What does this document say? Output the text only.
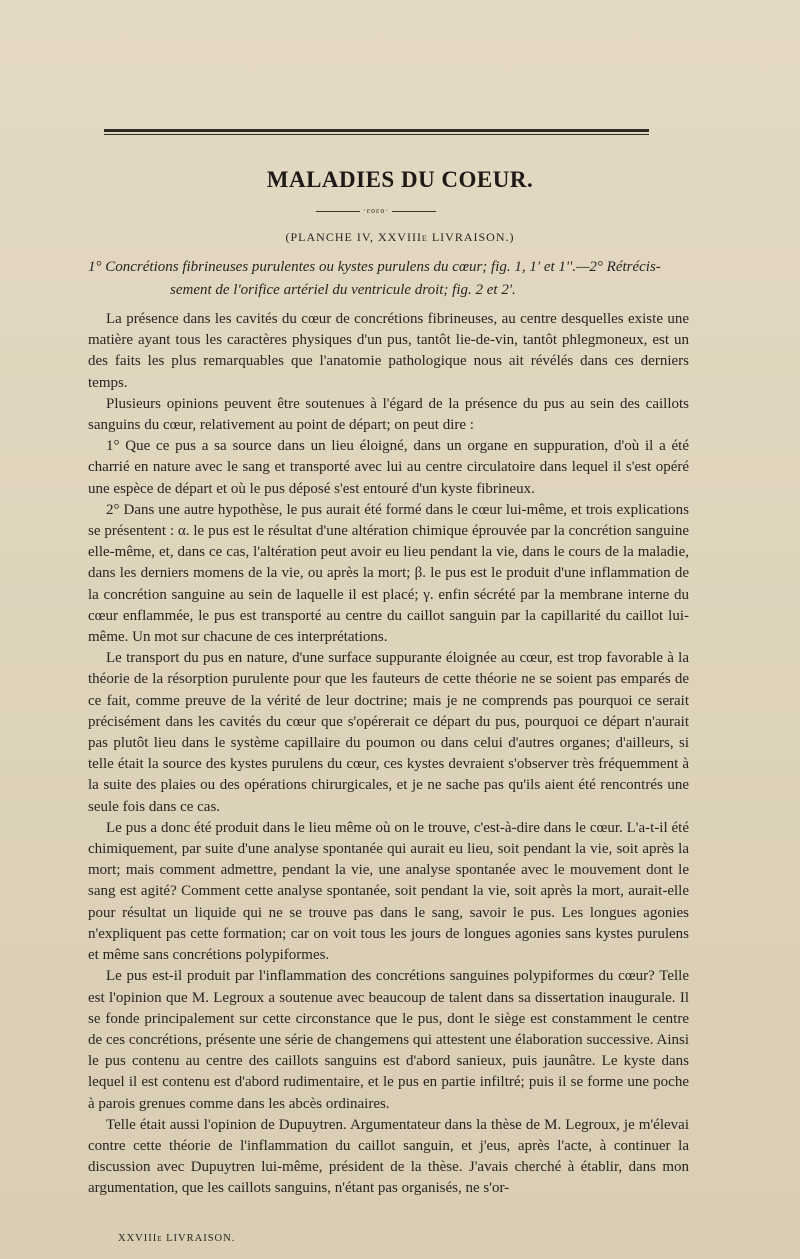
MALADIES DU COEUR.
·ɛoɛo·
(PLANCHE IV, XXVIIIe LIVRAISON.)
1° Concrétions fibrineuses purulentes ou kystes purulens du cœur; fig. 1, 1' et 1''.—2° Rétrécis-
sement de l'orifice artériel du ventricule droit; fig. 2 et 2'.

La présence dans les cavités du cœur de concrétions fibrineuses, au centre desquelles existe une matière ayant tous les caractères physiques d'un pus, tantôt lie-de-vin, tantôt phlegmoneux, est un des faits les plus remarquables que l'anatomie pathologique nous ait révélés dans ces derniers temps.

Plusieurs opinions peuvent être soutenues à l'égard de la présence du pus au sein des caillots sanguins du cœur, relativement au point de départ; on peut dire :

1° Que ce pus a sa source dans un lieu éloigné, dans un organe en suppuration, d'où il a été charrié en nature avec le sang et transporté avec lui au centre circulatoire dans lequel il s'est opéré une espèce de départ et où le pus déposé s'est entouré d'un kyste fibrineux.

2° Dans une autre hypothèse, le pus aurait été formé dans le cœur lui-même, et trois explications se présentent : α. le pus est le résultat d'une altération chimique éprouvée par la concrétion sanguine elle-même, et, dans ce cas, l'altération peut avoir eu lieu pendant la vie, dans le cours de la maladie, dans les derniers momens de la vie, ou après la mort; β. le pus est le produit d'une inflammation de la concrétion sanguine au sein de laquelle il est placé; γ. enfin sécrété par la membrane interne du cœur enflammée, le pus est transporté au centre du caillot sanguin par la capillarité du caillot lui-même. Un mot sur chacune de ces interprétations.

Le transport du pus en nature, d'une surface suppurante éloignée au cœur, est trop favorable à la théorie de la résorption purulente pour que les fauteurs de cette théorie ne se soient pas emparés de ce fait, comme preuve de la vérité de leur doctrine; mais je ne comprends pas pourquoi ce serait précisément dans les cavités du cœur que s'opérerait ce départ du pus, pourquoi ce départ n'aurait pas plutôt lieu dans le système capillaire du poumon ou dans celui d'autres organes; d'ailleurs, si telle était la source des kystes purulens du cœur, ces kystes devraient s'observer très fréquemment à la suite des plaies ou des opérations chirurgicales, et je ne sache pas qu'ils aient été rencontrés une seule fois dans ce cas.

Le pus a donc été produit dans le lieu même où on le trouve, c'est-à-dire dans le cœur. L'a-t-il été chimiquement, par suite d'une analyse spontanée qui aurait eu lieu, soit pendant la vie, soit après la mort; mais comment admettre, pendant la vie, une analyse spontanée avec le mouvement dont le sang est agité? Comment cette analyse spontanée, soit pendant la vie, soit après la mort, aurait-elle pour résultat un liquide qui ne se trouve pas dans le sang, savoir le pus. Les longues agonies n'expliquent pas cette formation; car on voit tous les jours de longues agonies sans kystes purulens et même sans concrétions polypiformes.

Le pus est-il produit par l'inflammation des concrétions sanguines polypiformes du cœur? Telle est l'opinion que M. Legroux a soutenue avec beaucoup de talent dans sa dissertation inaugurale. Il se fonde principalement sur cette circonstance que le pus, dont le siège est constamment le centre de ces concrétions, présente une série de changemens qui attestent une élaboration successive. Ainsi le pus contenu au centre des caillots sanguins est d'abord sanieux, puis jaunâtre. Le kyste dans lequel il est contenu est d'abord rudimentaire, et le pus en partie infiltré; puis il se forme une poche à parois grenues comme dans les abcès ordinaires.

Telle était aussi l'opinion de Dupuytren. Argumentateur dans la thèse de M. Legroux, je m'élevai contre cette théorie de l'inflammation du caillot sanguin, et j'eus, après l'acte, à continuer la discussion avec Dupuytren lui-même, président de la thèse. J'avais cherché à établir, dans mon argumentation, que les caillots sanguins, n'étant pas organisés, ne s'or-

XXVIIIe LIVRAISON.
